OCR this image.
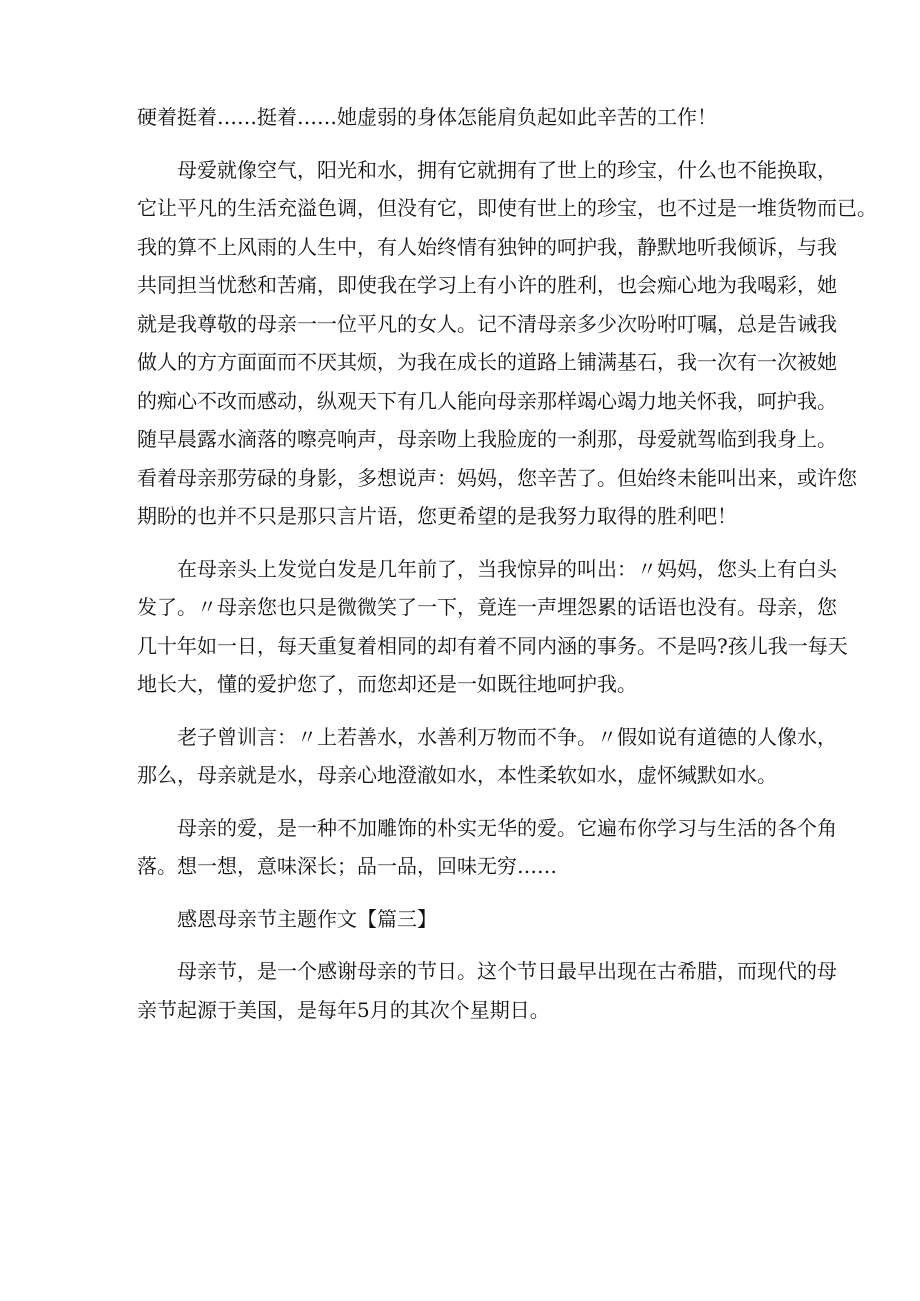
硬着挺着……挺着……她虚弱的身体怎能肩负起如此辛苦的工作！
母爱就像空气，阳光和水，拥有它就拥有了世上的珍宝，什么也不能换取，
它让平凡的生活充溢色调，但没有它，即使有世上的珍宝，也不过是一堆货物而已。
我的算不上风雨的人生中，有人始终情有独钟的呵护我，静默地听我倾诉，与我
共同担当忧愁和苦痛，即使我在学习上有小许的胜利，也会痴心地为我喝彩，她
就是我尊敬的母亲一一位平凡的女人。记不清母亲多少次吩咐叮嘱，总是告诫我
做人的方方面面而不厌其烦，为我在成长的道路上铺满基石，我一次有一次被她
的痴心不改而感动，纵观天下有几人能向母亲那样竭心竭力地关怀我，呵护我。
随早晨露水滴落的嚓亮响声，母亲吻上我脸庞的一刹那，母爱就驾临到我身上。
看着母亲那劳碌的身影，多想说声：妈妈，您辛苦了。但始终未能叫出来，或许您
期盼的也并不只是那只言片语，您更希望的是我努力取得的胜利吧！
在母亲头上发觉白发是几年前了，当我惊异的叫出：〃妈妈，您头上有白头
发了。〃母亲您也只是微微笑了一下，竟连一声埋怨累的话语也没有。母亲，您
几十年如一日，每天重复着相同的却有着不同内涵的事务。不是吗?孩儿我一每天
地长大，懂的爱护您了，而您却还是一如既往地呵护我。
老子曾训言：〃上若善水，水善利万物而不争。〃假如说有道德的人像水，
那么，母亲就是水，母亲心地澄澈如水，本性柔软如水，虚怀缄默如水。
母亲的爱，是一种不加雕饰的朴实无华的爱。它遍布你学习与生活的各个角
落。想一想，意味深长；品一品，回味无穷……
感恩母亲节主题作文【篇三】
母亲节，是一个感谢母亲的节日。这个节日最早出现在古希腊，而现代的母
亲节起源于美国，是每年5月的其次个星期日。
